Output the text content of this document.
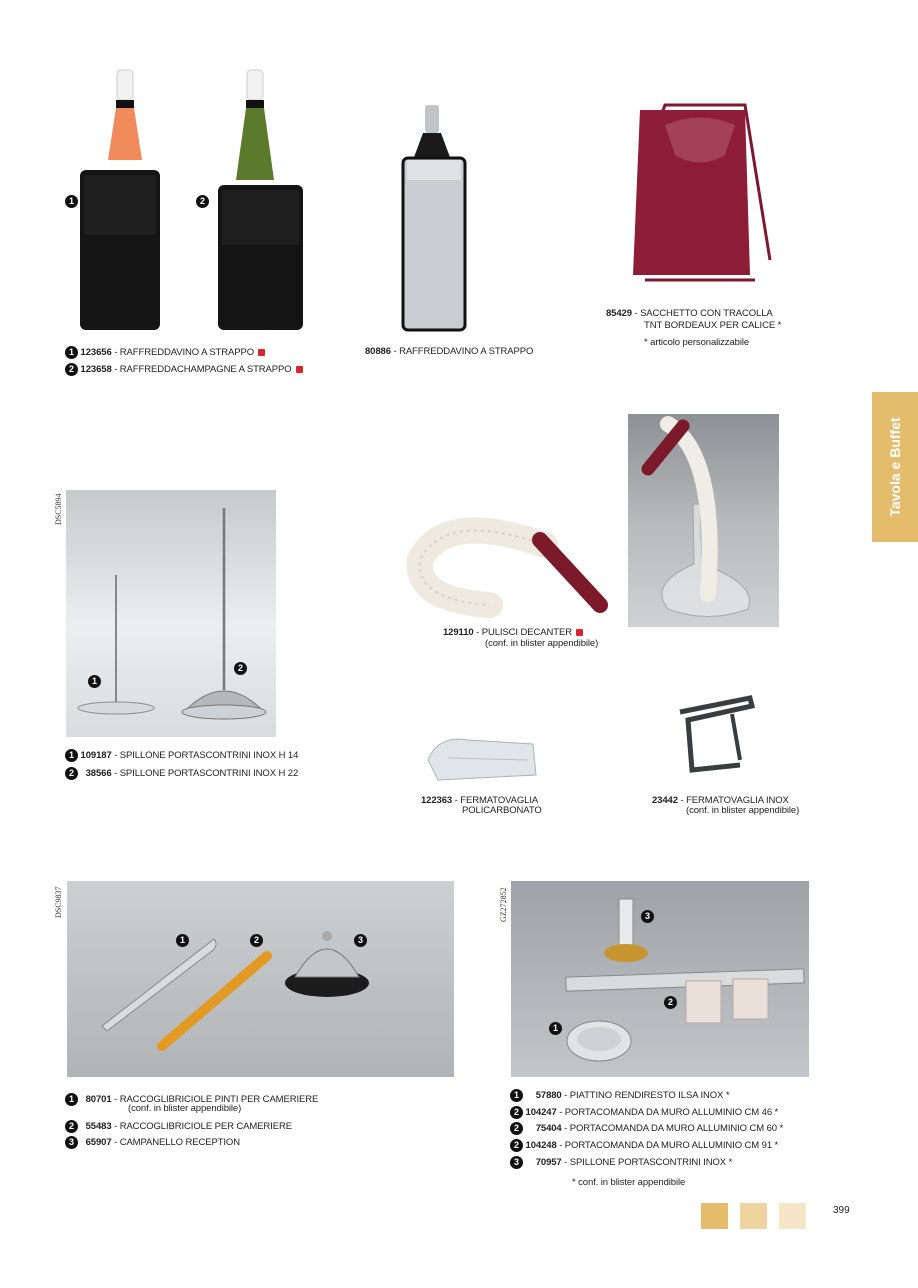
1	2
1 123656 - RAFFREDDAVINO A STRAPPO
2 123658 - RAFFREDDACHAMPAGNE A STRAPPO
80886 - RAFFREDDAVINO A STRAPPO
85429 - SACCHETTO CON TRACOLLA
TNT BORDEAUX PER CALICE *
* articolo personalizzabile
Tavola e Buffet
DSC5894
1
2
1 109187 - SPILLONE PORTASCONTRINI INOX H 14
2 38566 - SPILLONE PORTASCONTRINI INOX H 22
129110 - PULISCI DECANTER
(conf. in blister appendibile)
122363 - FERMATOVAGLIA
POLICARBONATO
23442 - FERMATOVAGLIA INOX
(conf. in blister appendibile)
DSC9837
1	2	3
1 80701 - RACCOGLIBRICIOLE PINTI PER CAMERIERE
(conf. in blister appendibile)
2 55483 - RACCOGLIBRICIOLE PER CAMERIERE
3 65907 - CAMPANELLO RECEPTION
GZ272852	3
2
1
1 57880 - PIATTINO RENDIRESTO ILSA INOX *
2 104247 - PORTACOMANDA DA MURO ALLUMINIO CM 46 *
2 75404 - PORTACOMANDA DA MURO ALLUMINIO CM 60 *
2 104248 - PORTACOMANDA DA MURO ALLUMINIO CM 91 *
3 70957 - SPILLONE PORTASCONTRINI INOX *
* conf. in blister appendibile
399
